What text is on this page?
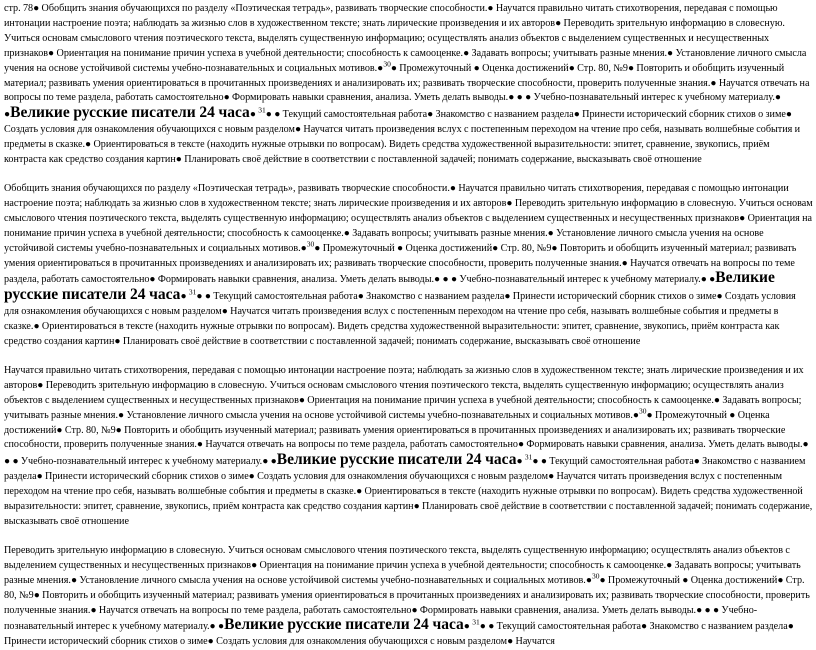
стр. 78● Обобщить знания обучающихся по разделу «Поэтическая тетрадь», развивать творческие способности.● Научатся правильно читать стихотворения, передавая с помощью интонации настроение поэта; наблюдать за жизнью слов в художественном тексте; знать лирические произведения и их авторов● Переводить зрительную информацию в словесную. Учиться основам смыслового чтения поэтического текста, выделять существенную информацию; осуществлять анализ объектов с выделением существенных и несущественных признаков● Ориентация на понимание причин успеха в учебной деятельности; способность к самооценке.● Задавать вопросы; учитывать разные мнения.● Установление личного смысла учения на основе устойчивой системы учебно-познавательных и социальных мотивов.●$^{30}$● Промежуточный ● Оценка достижений● Стр. 80, №9● Повторить и обобщить изученный материал; развивать умения ориентироваться в прочитанных произведениях и анализировать их; развивать творческие способности, проверить полученные знания.● Научатся отвечать на вопросы по теме раздела, работать самостоятельно● Формировать навыки сравнения, анализа. Уметь делать выводы.● ● ● Учебно-познавательный интерес к учебному материалу.● ●Великие русские писатели 24 часа● $^{31}$● ● Текущий самостоятельная работа● Знакомство с названием раздела● Принести исторический сборник стихов о зиме● Создать условия для ознакомления обучающихся с новым разделом● Научатся читать произведения вслух с постепенным переходом на чтение про себя, называть волшебные события и предметы в сказке.● Ориентироваться в тексте (находить нужные отрывки по вопросам). Видеть средства художественной выразительности: эпитет, сравнение, звукопись, приём контраста как средство создания картин● Планировать своё действие в соответствии с поставленной задачей; понимать содержание, высказывать своё отношение

Обобщить знания обучающихся по разделу «Поэтическая тетрадь», развивать творческие способности.● Научатся правильно читать стихотворения, передавая с помощью интонации настроение поэта; наблюдать за жизнью слов в художественном тексте; знать лирические произведения и их авторов● Переводить зрительную информацию в словесную. Учиться основам смыслового чтения поэтического текста, выделять существенную информацию; осуществлять анализ объектов с выделением существенных и несущественных признаков● Ориентация на понимание причин успеха в учебной деятельности; способность к самооценке.● Задавать вопросы; учитывать разные мнения.● Установление личного смысла учения на основе устойчивой системы учебно-познавательных и социальных мотивов.●$^{30}$● Промежуточный ● Оценка достижений● Стр. 80, №9● Повторить и обобщить изученный материал; развивать умения ориентироваться в прочитанных произведениях и анализировать их; развивать творческие способности, проверить полученные знания.● Научатся отвечать на вопросы по теме раздела, работать самостоятельно● Формировать навыки сравнения, анализа. Уметь делать выводы.● ● ● Учебно-познавательный интерес к учебному материалу.● ●Великие русские писатели 24 часа● $^{31}$● ● Текущий самостоятельная работа● Знакомство с названием раздела● Принести исторический сборник стихов о зиме● Создать условия для ознакомления обучающихся с новым разделом● Научатся читать произведения вслух с постепенным переходом на чтение про себя, называть волшебные события и предметы в сказке.● Ориентироваться в тексте (находить нужные отрывки по вопросам). Видеть средства художественной выразительности: эпитет, сравнение, звукопись, приём контраста как средство создания картин● Планировать своё действие в соответствии с поставленной задачей; понимать содержание, высказывать своё отношение

Научатся правильно читать стихотворения, передавая с помощью интонации настроение поэта; наблюдать за жизнью слов в художественном тексте; знать лирические произведения и их авторов● Переводить зрительную информацию в словесную. Учиться основам смыслового чтения поэтического текста, выделять существенную информацию; осуществлять анализ объектов с выделением существенных и несущественных признаков● Ориентация на понимание причин успеха в учебной деятельности; способность к самооценке.● Задавать вопросы; учитывать разные мнения.● Установление личного смысла учения на основе устойчивой системы учебно-познавательных и социальных мотивов.●$^{30}$● Промежуточный ● Оценка достижений● Стр. 80, №9● Повторить и обобщить изученный материал; развивать умения ориентироваться в прочитанных произведениях и анализировать их; развивать творческие способности, проверить полученные знания.● Научатся отвечать на вопросы по теме раздела, работать самостоятельно● Формировать навыки сравнения, анализа. Уметь делать выводы.● ● ● Учебно-познавательный интерес к учебному материалу.● ●Великие русские писатели 24 часа● $^{31}$● ● Текущий самостоятельная работа● Знакомство с названием раздела● Принести исторический сборник стихов о зиме● Создать условия для ознакомления обучающихся с новым разделом● Научатся читать произведения вслух с постепенным переходом на чтение про себя, называть волшебные события и предметы в сказке.● Ориентироваться в тексте (находить нужные отрывки по вопросам). Видеть средства художественной выразительности: эпитет, сравнение, звукопись, приём контраста как средство создания картин● Планировать своё действие в соответствии с поставленной задачей; понимать содержание, высказывать своё отношение

Переводить зрительную информацию в словесную. Учиться основам смыслового чтения поэтического текста, выделять существенную информацию; осуществлять анализ объектов с выделением существенных и несущественных признаков● Ориентация на понимание причин успеха в учебной деятельности; способность к самооценке.● Задавать вопросы; учитывать разные мнения.● Установление личного смысла учения на основе устойчивой системы учебно-познавательных и социальных мотивов.●$^{30}$● Промежуточный ● Оценка достижений● Стр. 80, №9● Повторить и обобщить изученный материал; развивать умения ориентироваться в прочитанных произведениях и анализировать их; развивать творческие способности, проверить полученные знания.● Научатся отвечать на вопросы по теме раздела, работать самостоятельно● Формировать навыки сравнения, анализа. Уметь делать выводы.● ● ● Учебно-познавательный интерес к учебному материалу.● ●Великие русские писатели 24 часа● $^{31}$● ● Текущий самостоятельная работа● Знакомство с названием раздела● Принести исторический сборник стихов о зиме● Создать условия для ознакомления обучающихся с новым разделом● Научатся
